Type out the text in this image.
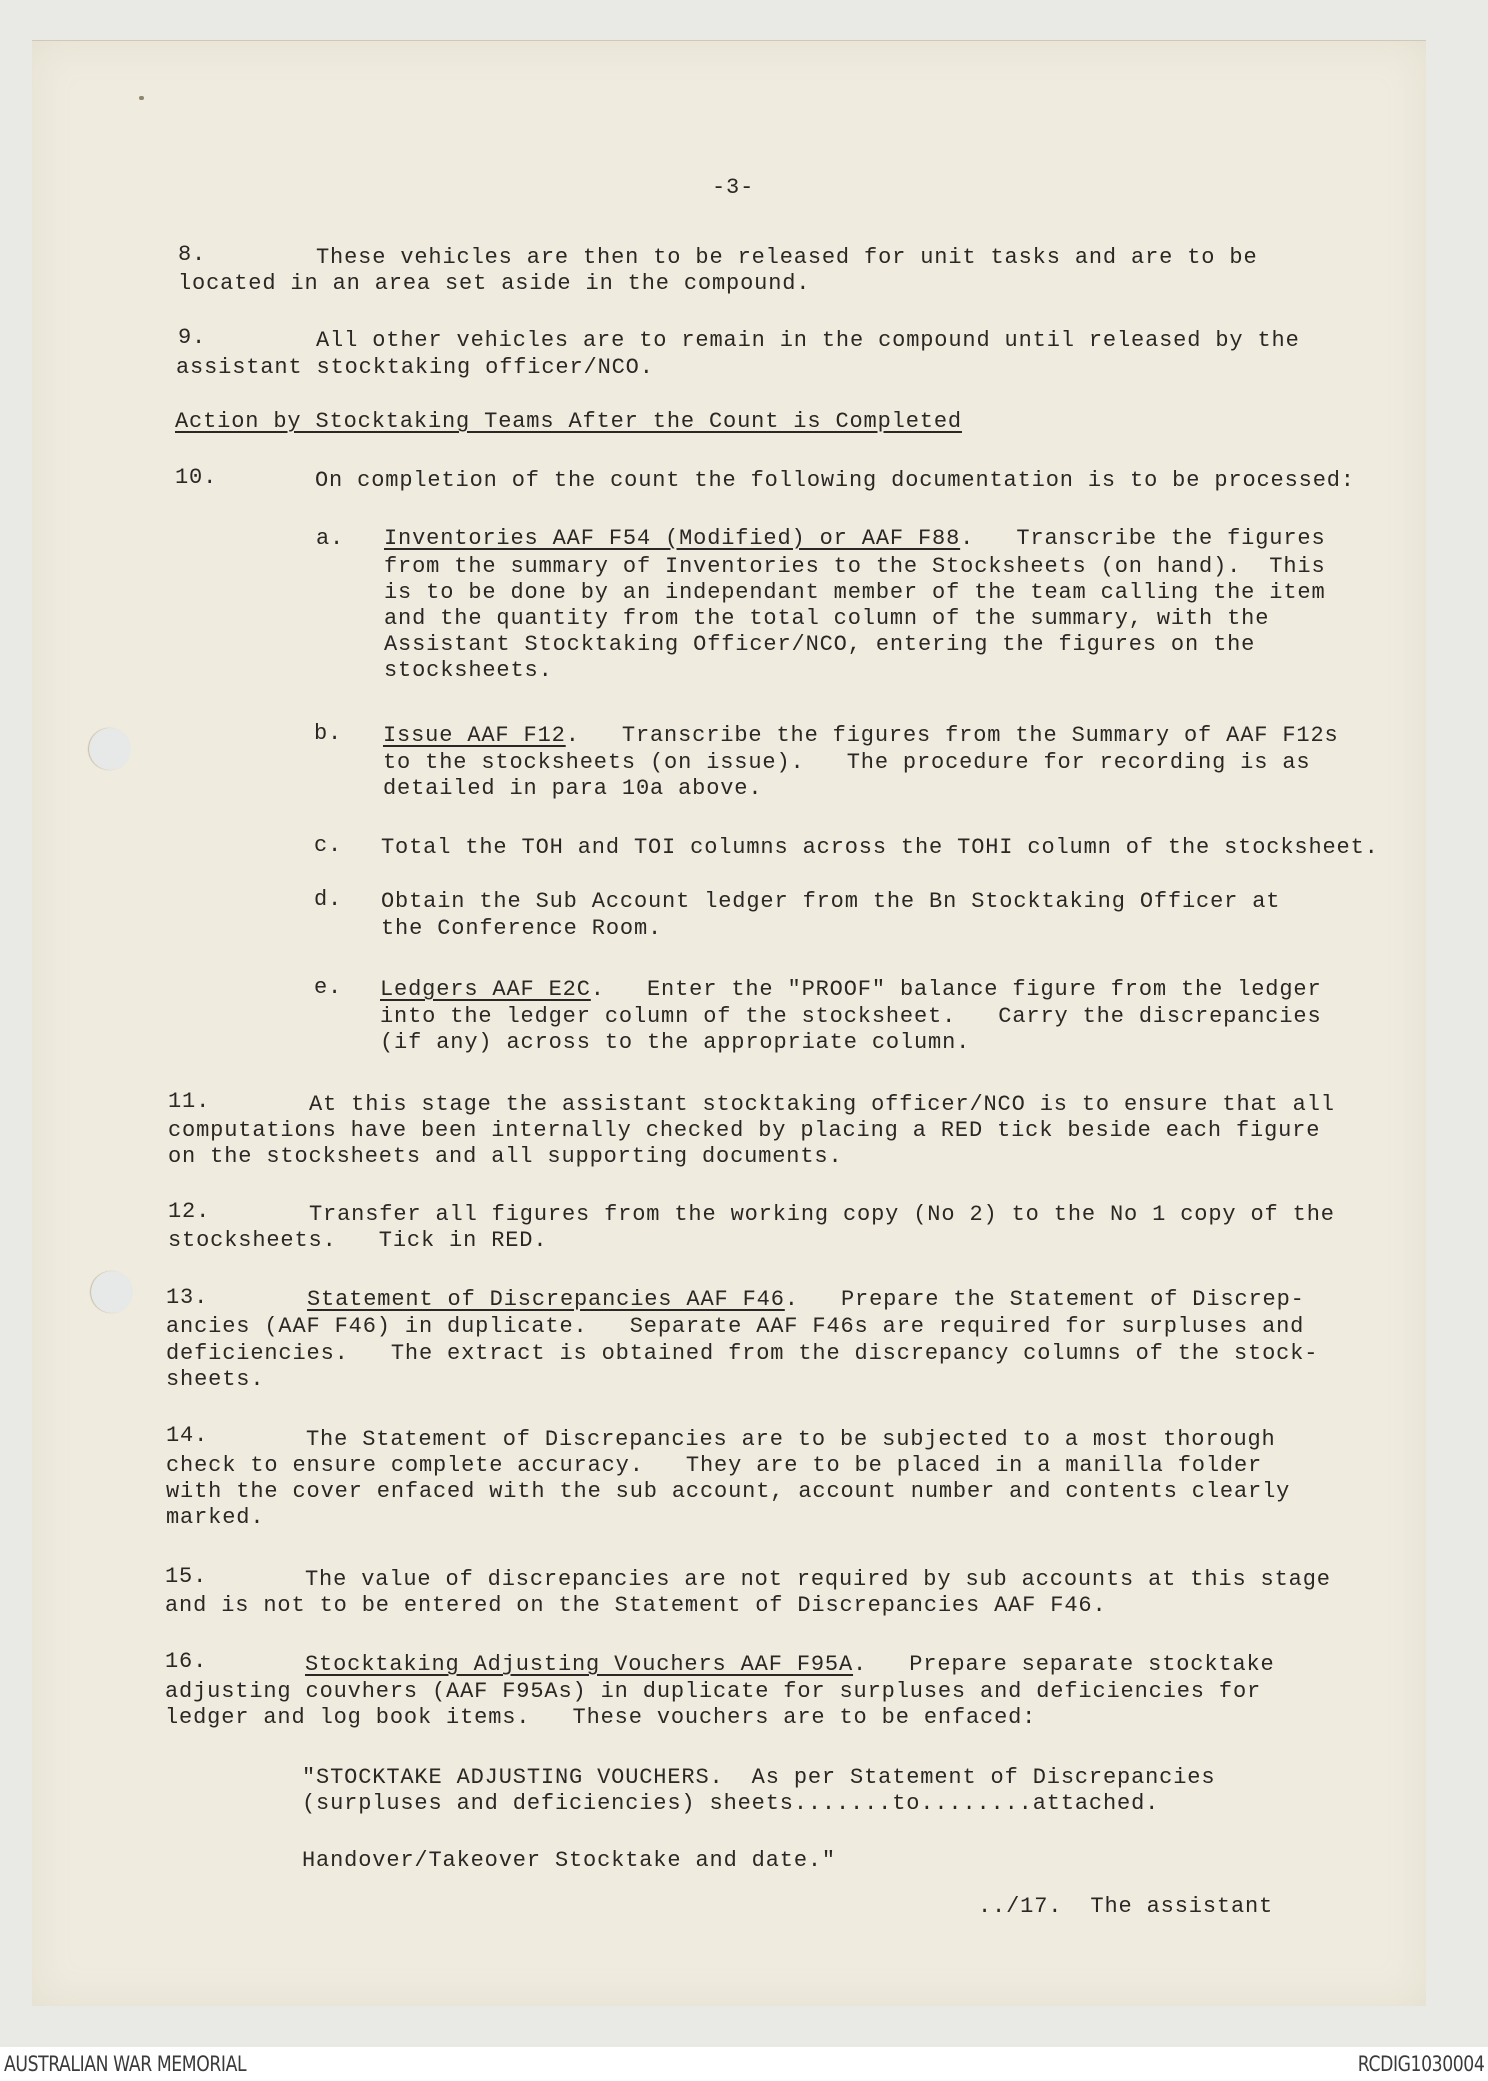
-3-
8.	These vehicles are then to be released for unit tasks and are to be
located in an area set aside in the compound.
9.	All other vehicles are to remain in the compound until released by the
assistant stocktaking officer/NCO.
Action by Stocktaking Teams After the Count is Completed
10.	On completion of the count the following documentation is to be processed:
a. Inventories AAF F54 (Modified) or AAF F88.   Transcribe the figures
from the summary of Inventories to the Stocksheets (on hand).  This
is to be done by an independant member of the team calling the item
and the quantity from the total column of the summary, with the
Assistant Stocktaking Officer/NCO, entering the figures on the
stocksheets.
b. Issue AAF F12.   Transcribe the figures from the Summary of AAF F12s
to the stocksheets (on issue).   The procedure for recording is as
detailed in para 10a above.
c. Total the TOH and TOI columns across the TOHI column of the stocksheet.
d. Obtain the Sub Account ledger from the Bn Stocktaking Officer at
the Conference Room.
e. Ledgers AAF E2C.   Enter the "PROOF" balance figure from the ledger
into the ledger column of the stocksheet.   Carry the discrepancies
(if any) across to the appropriate column.
11.	At this stage the assistant stocktaking officer/NCO is to ensure that all
computations have been internally checked by placing a RED tick beside each figure
on the stocksheets and all supporting documents.
12.	Transfer all figures from the working copy (No 2) to the No 1 copy of the
stocksheets.   Tick in RED.
13.	Statement of Discrepancies AAF F46.   Prepare the Statement of Discrep-
ancies (AAF F46) in duplicate.   Separate AAF F46s are required for surpluses and
deficiencies.   The extract is obtained from the discrepancy columns of the stock-
sheets.
14.	The Statement of Discrepancies are to be subjected to a most thorough
check to ensure complete accuracy.   They are to be placed in a manilla folder
with the cover enfaced with the sub account, account number and contents clearly
marked.
15.	The value of discrepancies are not required by sub accounts at this stage
and is not to be entered on the Statement of Discrepancies AAF F46.
16.	Stocktaking Adjusting Vouchers AAF F95A.   Prepare separate stocktake
adjusting couvhers (AAF F95As) in duplicate for surpluses and deficiencies for
ledger and log book items.   These vouchers are to be enfaced:
"STOCKTAKE ADJUSTING VOUCHERS.  As per Statement of Discrepancies
(surpluses and deficiencies) sheets.......to........attached.
Handover/Takeover Stocktake and date."
../17.  The assistant
AUSTRALIAN WAR MEMORIAL	RCDIG1030004
